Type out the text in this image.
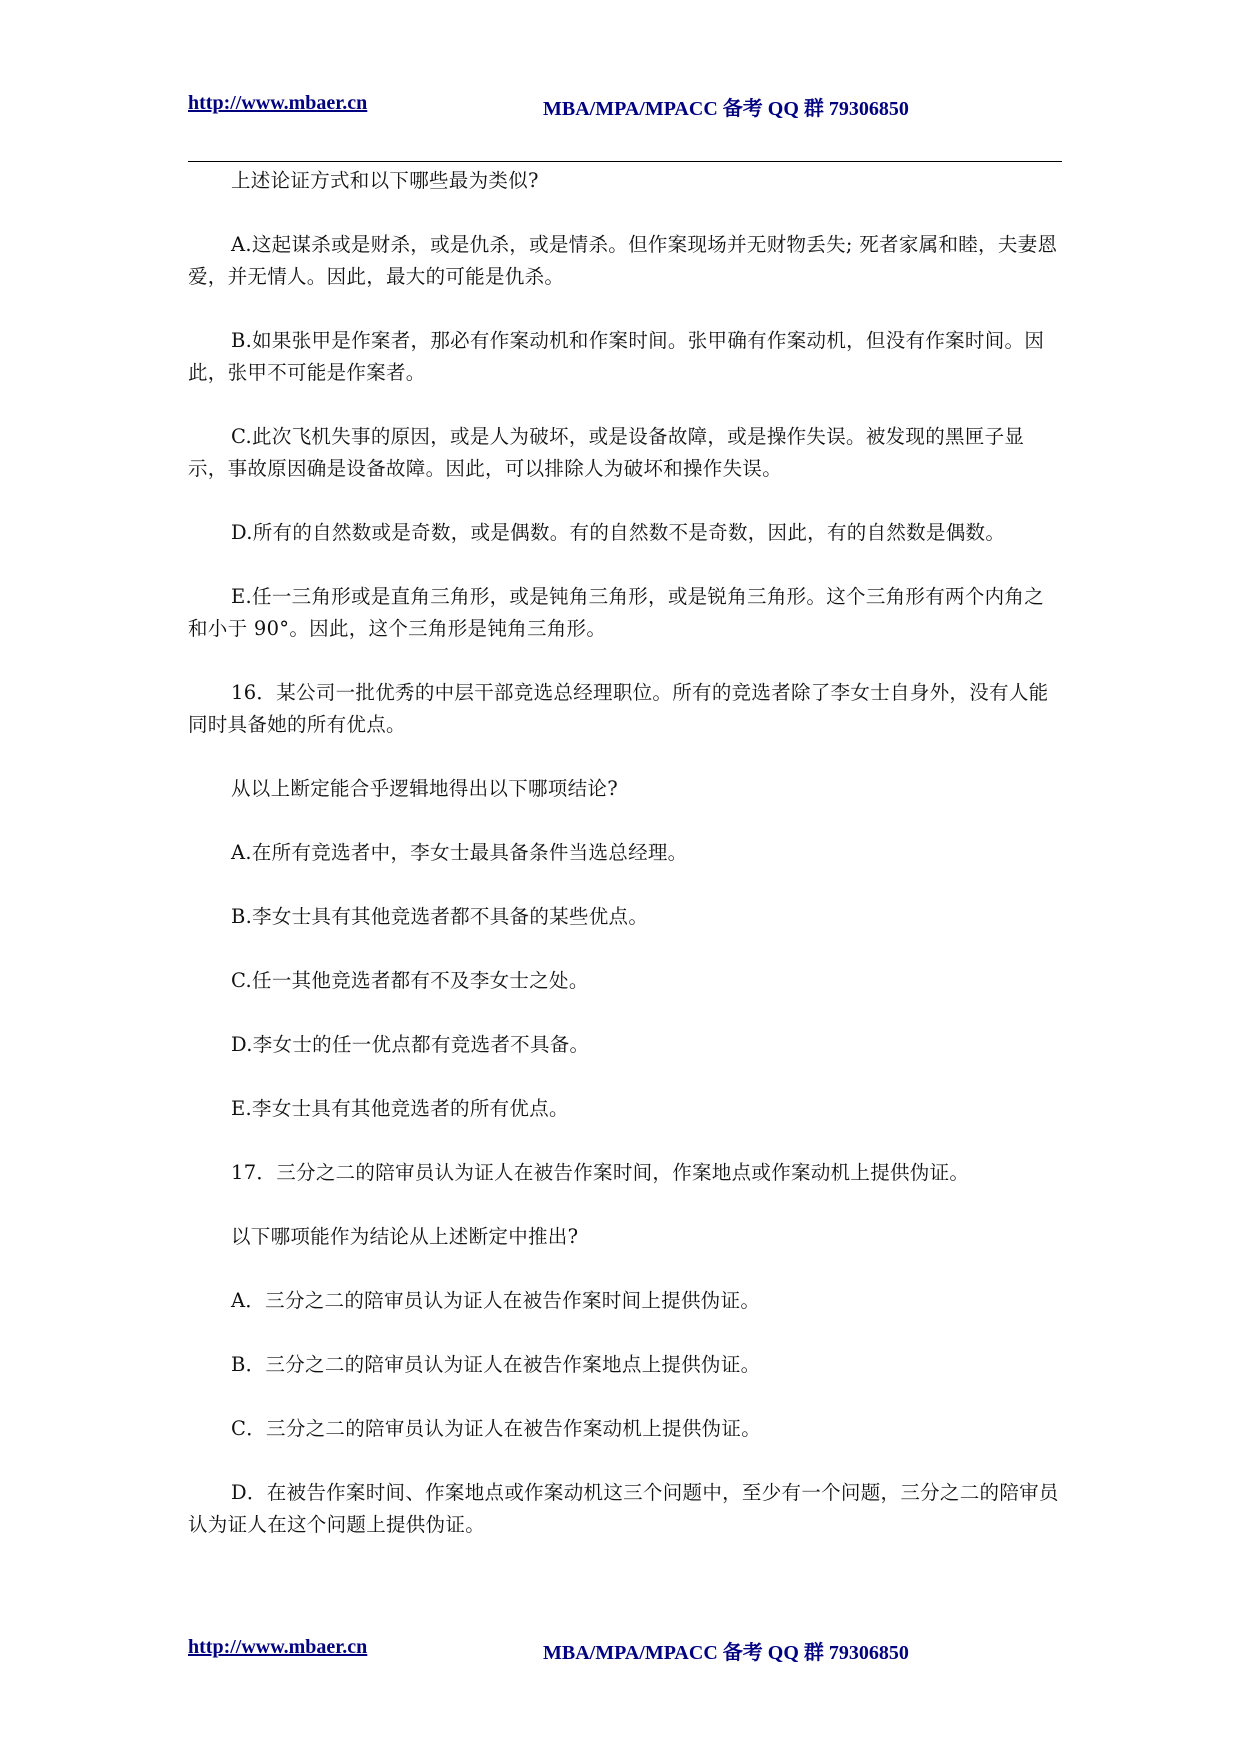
http://www.mbaer.cn	MBA/MPA/MPACC 备考 QQ 群 79306850

上述论证方式和以下哪些最为类似?

A.这起谋杀或是财杀，或是仇杀，或是情杀。但作案现场并无财物丢失; 死者家属和睦，夫妻恩爱，并无情人。因此，最大的可能是仇杀。

B.如果张甲是作案者，那必有作案动机和作案时间。张甲确有作案动机，但没有作案时间。因此，张甲不可能是作案者。

C.此次飞机失事的原因，或是人为破坏，或是设备故障，或是操作失误。被发现的黑匣子显示，事故原因确是设备故障。因此，可以排除人为破坏和操作失误。

D.所有的自然数或是奇数，或是偶数。有的自然数不是奇数，因此，有的自然数是偶数。

E.任一三角形或是直角三角形，或是钝角三角形，或是锐角三角形。这个三角形有两个内角之和小于 90°。因此，这个三角形是钝角三角形。

16．某公司一批优秀的中层干部竞选总经理职位。所有的竞选者除了李女士自身外，没有人能同时具备她的所有优点。

从以上断定能合乎逻辑地得出以下哪项结论?

A.在所有竞选者中，李女士最具备条件当选总经理。

B.李女士具有其他竞选者都不具备的某些优点。

C.任一其他竞选者都有不及李女士之处。

D.李女士的任一优点都有竞选者不具备。

E.李女士具有其他竞选者的所有优点。

17．三分之二的陪审员认为证人在被告作案时间，作案地点或作案动机上提供伪证。

以下哪项能作为结论从上述断定中推出?

A．三分之二的陪审员认为证人在被告作案时间上提供伪证。

B．三分之二的陪审员认为证人在被告作案地点上提供伪证。

C．三分之二的陪审员认为证人在被告作案动机上提供伪证。

D．在被告作案时间、作案地点或作案动机这三个问题中，至少有一个问题，三分之二的陪审员认为证人在这个问题上提供伪证。

http://www.mbaer.cn	MBA/MPA/MPACC 备考 QQ 群 79306850
